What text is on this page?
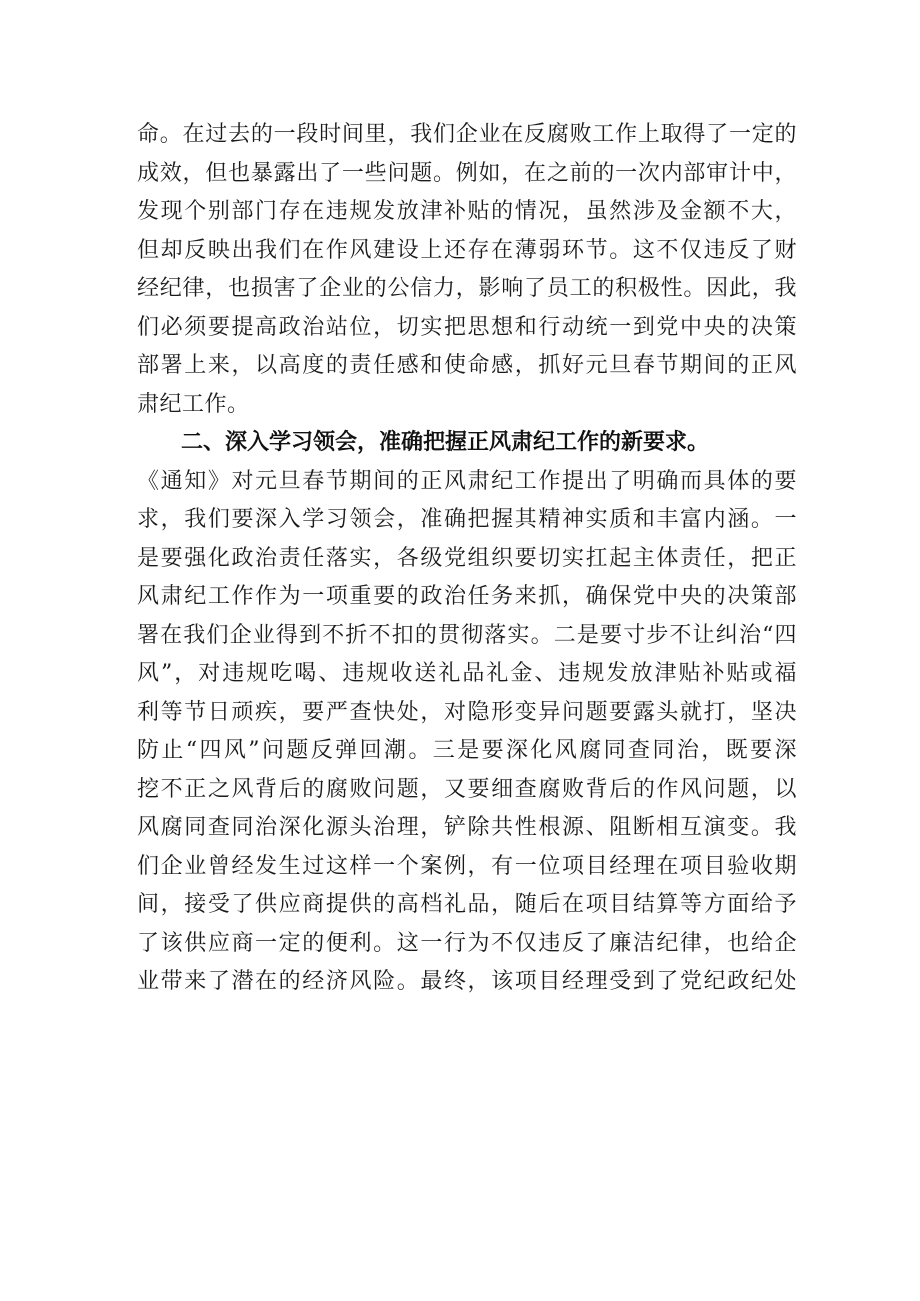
命。在过去的一段时间里，我们企业在反腐败工作上取得了一定的
成效，但也暴露出了一些问题。例如，在之前的一次内部审计中，
发现个别部门存在违规发放津补贴的情况，虽然涉及金额不大，
但却反映出我们在作风建设上还存在薄弱环节。这不仅违反了财
经纪律，也损害了企业的公信力，影响了员工的积极性。因此，我
们必须要提高政治站位，切实把思想和行动统一到党中央的决策
部署上来，以高度的责任感和使命感，抓好元旦春节期间的正风
肃纪工作。
二、深入学习领会，准确把握正风肃纪工作的新要求。
《通知》对元旦春节期间的正风肃纪工作提出了明确而具体的要
求，我们要深入学习领会，准确把握其精神实质和丰富内涵。一
是要强化政治责任落实，各级党组织要切实扛起主体责任，把正
风肃纪工作作为一项重要的政治任务来抓，确保党中央的决策部
署在我们企业得到不折不扣的贯彻落实。二是要寸步不让纠治“四
风”，对违规吃喝、违规收送礼品礼金、违规发放津贴补贴或福
利等节日顽疾，要严查快处，对隐形变异问题要露头就打，坚决
防止“四风”问题反弹回潮。三是要深化风腐同查同治，既要深
挖不正之风背后的腐败问题，又要细查腐败背后的作风问题，以
风腐同查同治深化源头治理，铲除共性根源、阻断相互演变。我
们企业曾经发生过这样一个案例，有一位项目经理在项目验收期
间，接受了供应商提供的高档礼品，随后在项目结算等方面给予
了该供应商一定的便利。这一行为不仅违反了廉洁纪律，也给企
业带来了潜在的经济风险。最终，该项目经理受到了党纪政纪处
